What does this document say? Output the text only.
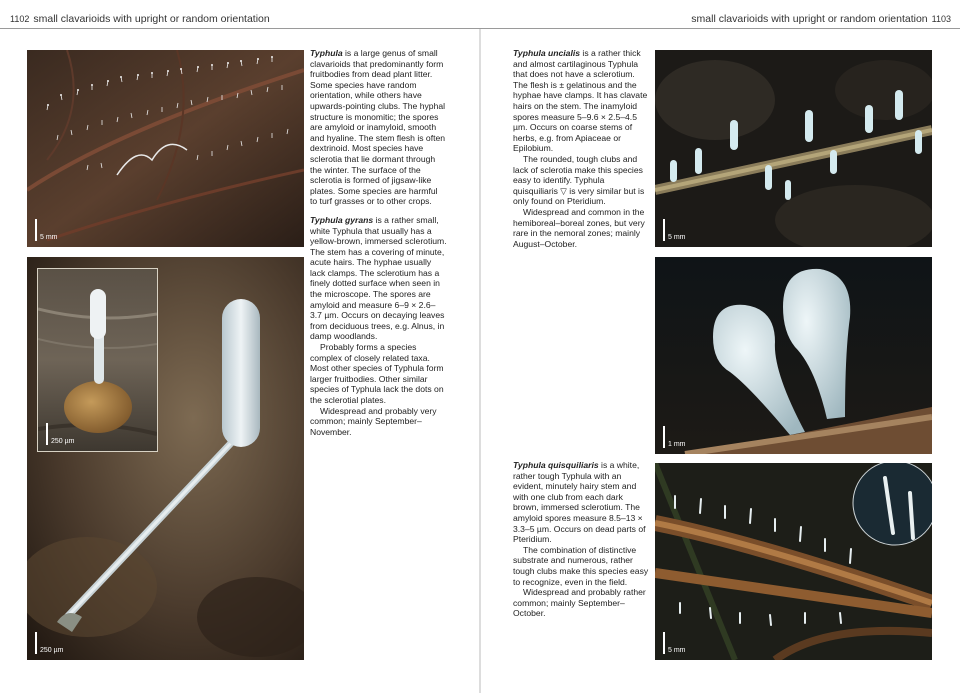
1102 small clavarioids with upright or random orientation	small clavarioids with upright or random orientation 1103
5 mm
250 µm
250 µm

Typhula is a large genus of small clavarioids that predominantly form fruitbodies from dead plant litter. Some species have random orientation, while others have upwards-pointing clubs. The hyphal structure is monomitic; the spores are amyloid or inamyloid, smooth and hyaline. The stem flesh is often dextrinoid. Most species have sclerotia that lie dormant through the winter. The surface of the sclerotia is formed of jigsaw-like plates. Some species are harmful to turf grasses or to other crops.

Typhula gyrans is a rather small, white Typhula that usually has a yellow-brown, immersed sclerotium. The stem has a covering of minute, acute hairs. The hyphae usually lack clamps. The sclerotium has a finely dotted surface when seen in the microscope. The spores are amyloid and measure 6–9 × 2.6–3.7 µm. Occurs on decaying leaves from deciduous trees, e.g. Alnus, in damp woodlands.

Probably forms a species complex of closely related taxa. Most other species of Typhula form larger fruitbodies. Other similar species of Typhula lack the dots on the sclerotial plates.

Widespread and probably very common; mainly September–November.

Typhula uncialis is a rather thick and almost cartilaginous Typhula that does not have a sclerotium. The flesh is ± gelatinous and the hyphae have clamps. It has clavate hairs on the stem. The inamyloid spores measure 5–9.6 × 2.5–4.5 µm. Occurs on coarse stems of herbs, e.g. from Apiaceae or Epilobium.

The rounded, tough clubs and lack of sclerotia make this species easy to identify. Typhula quisquiliaris ▽ is very similar but is only found on Pteridium.

Widespread and common in the hemiboreal–boreal zones, but very rare in the nemoral zones; mainly August–October.

Typhula quisquiliaris is a white, rather tough Typhula with an evident, minutely hairy stem and with one club from each dark brown, immersed sclerotium. The amyloid spores measure 8.5–13 × 3.3–5 µm. Occurs on dead parts of Pteridium.

The combination of distinctive substrate and numerous, rather tough clubs make this species easy to recognize, even in the field.

Widespread and probably rather common; mainly September–October.

5 mm
1 mm
5 mm
